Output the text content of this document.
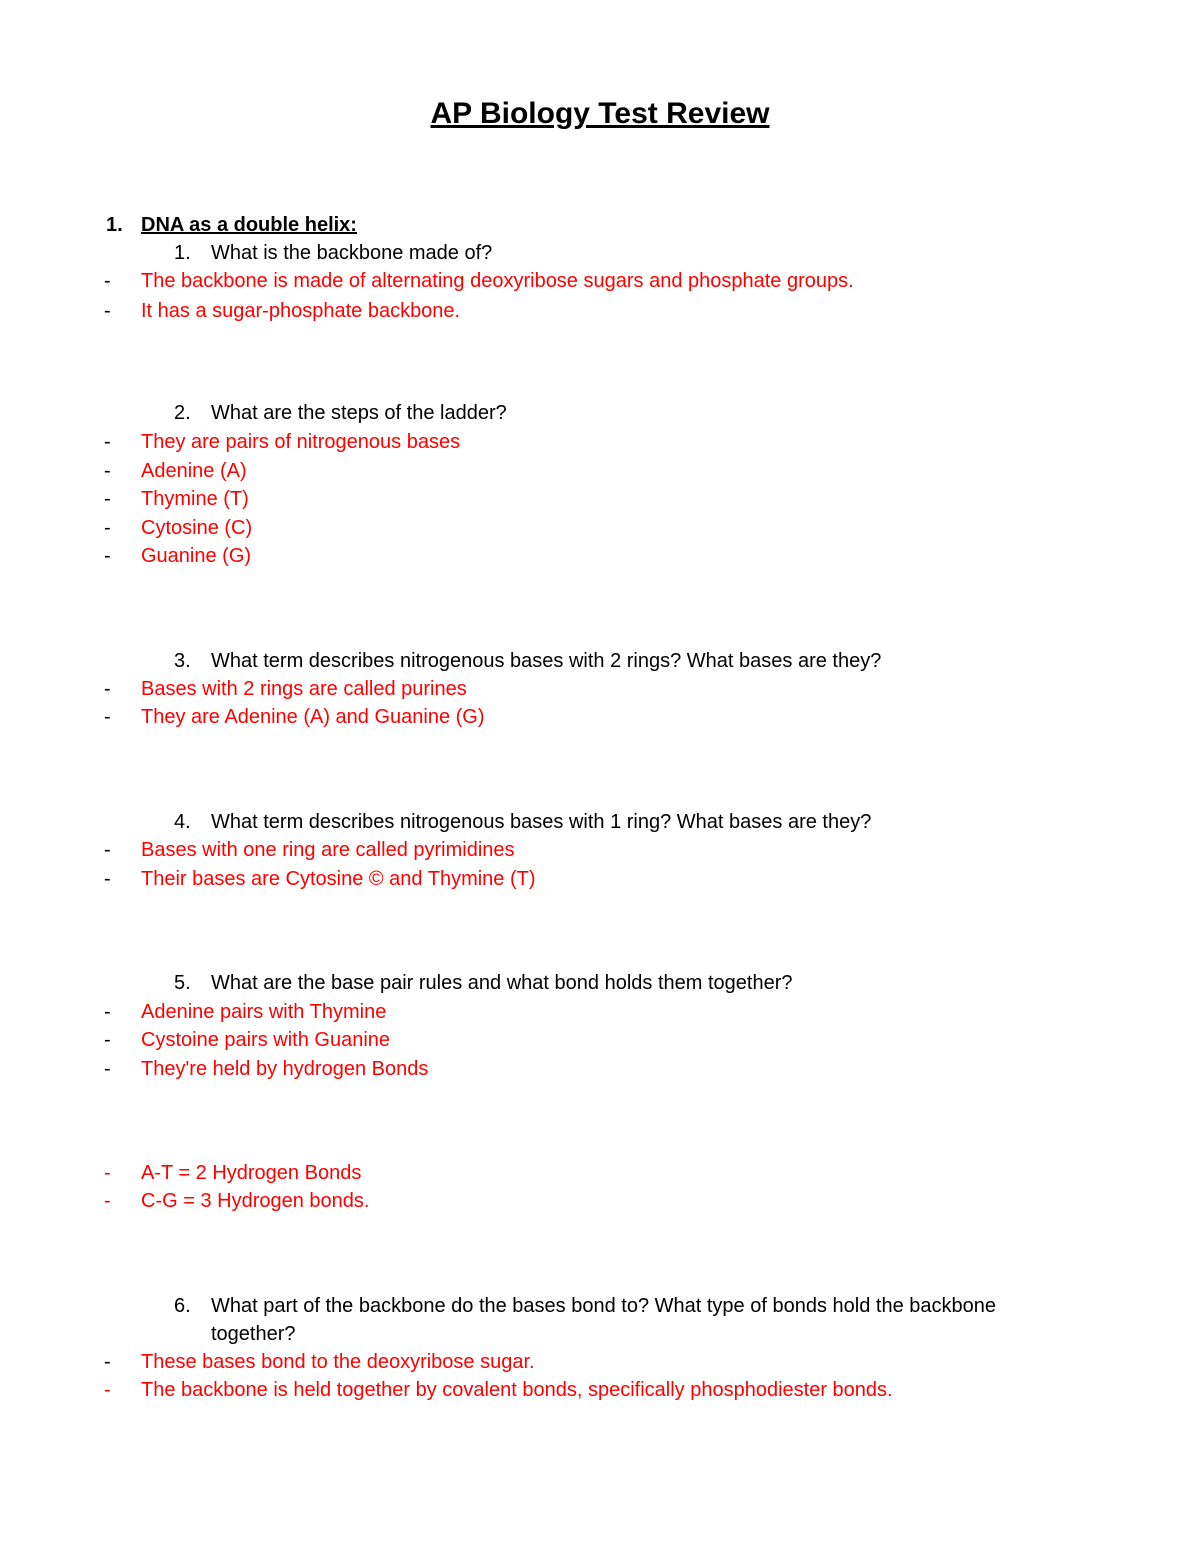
AP Biology Test Review
1. DNA as a double helix:
1. What is the backbone made of?
- The backbone is made of alternating deoxyribose sugars and phosphate groups.
- It has a sugar-phosphate backbone.
2. What are the steps of the ladder?
- They are pairs of nitrogenous bases
- Adenine (A)
- Thymine (T)
- Cytosine (C)
- Guanine (G)
3. What term describes nitrogenous bases with 2 rings? What bases are they?
- Bases with 2 rings are called purines
- They are Adenine (A) and Guanine (G)
4. What term describes nitrogenous bases with 1 ring? What bases are they?
- Bases with one ring are called pyrimidines
- Their bases are Cytosine © and Thymine (T)
5. What are the base pair rules and what bond holds them together?
- Adenine pairs with Thymine
- Cystoine pairs with Guanine
- They're held by hydrogen Bonds
- A-T = 2 Hydrogen Bonds
- C-G = 3 Hydrogen bonds.
6. What part of the backbone do the bases bond to? What type of bonds hold the backbone
together?
- These bases bond to the deoxyribose sugar.
- The backbone is held together by covalent bonds, specifically phosphodiester bonds.
